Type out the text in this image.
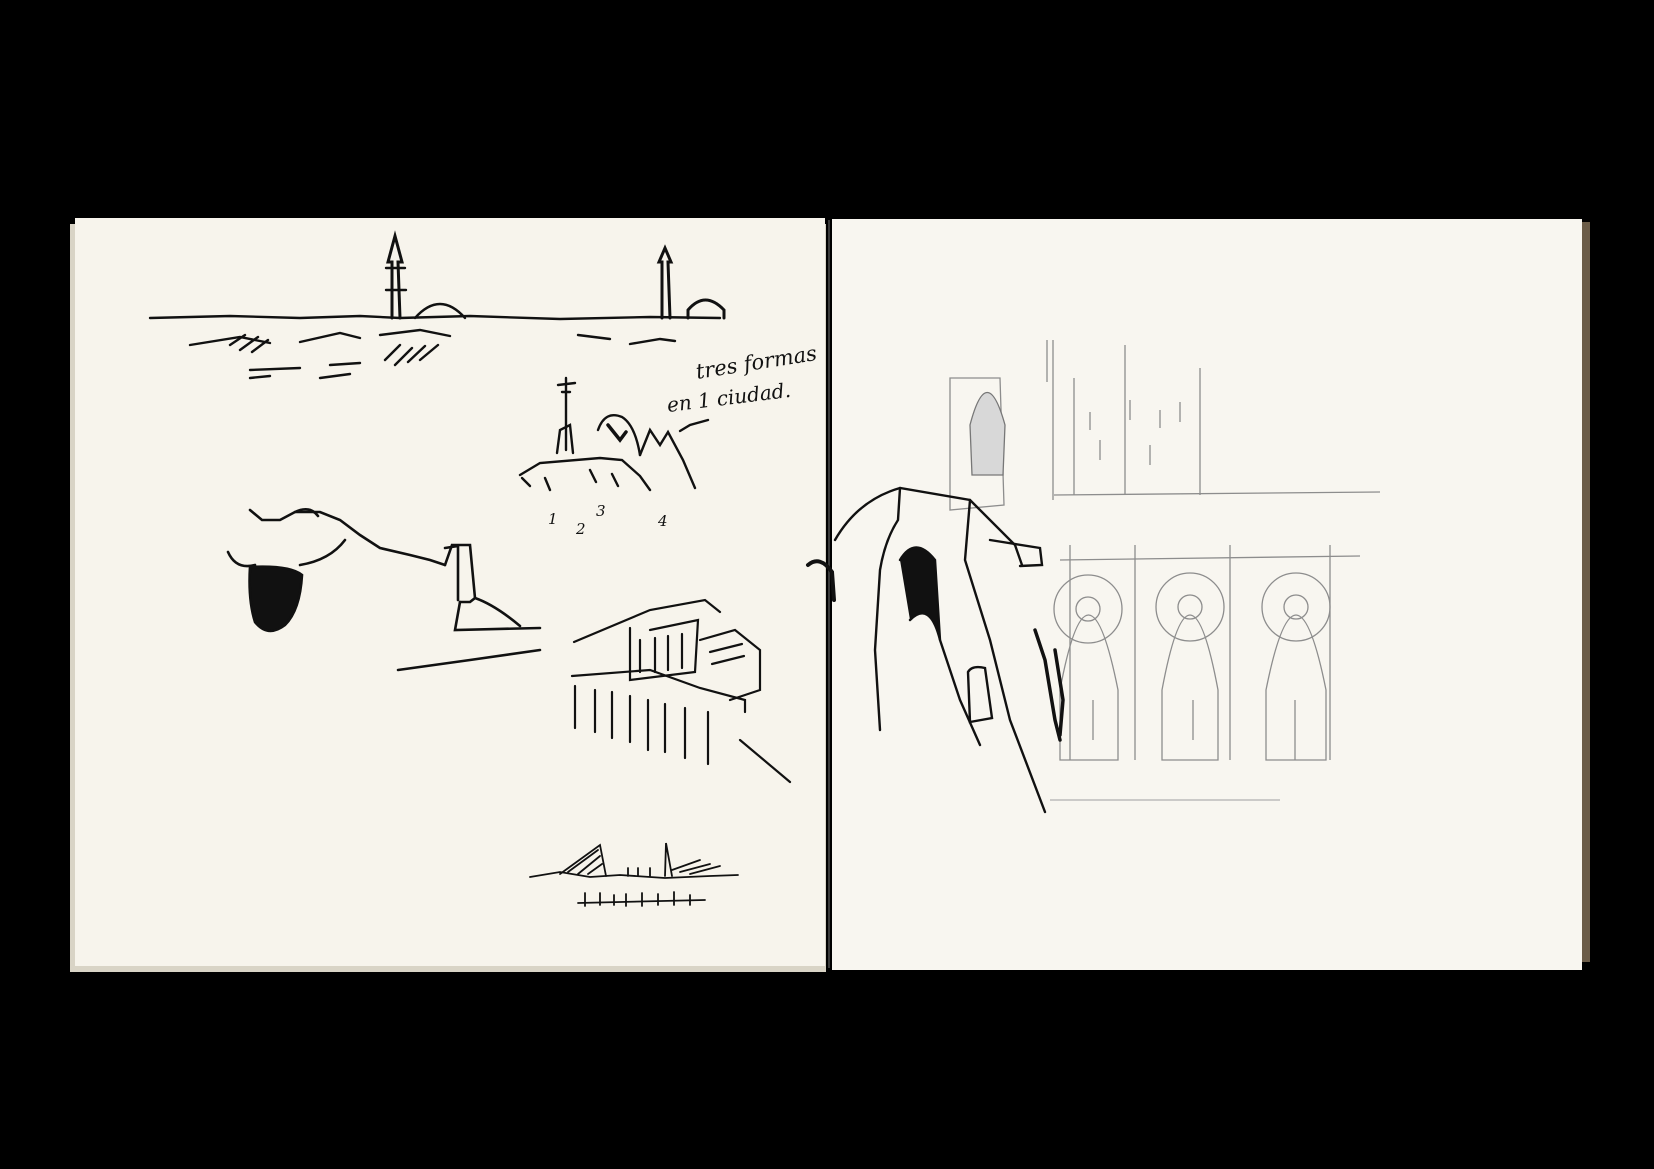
tres formas
en 1 ciudad.
1
2
3
4
